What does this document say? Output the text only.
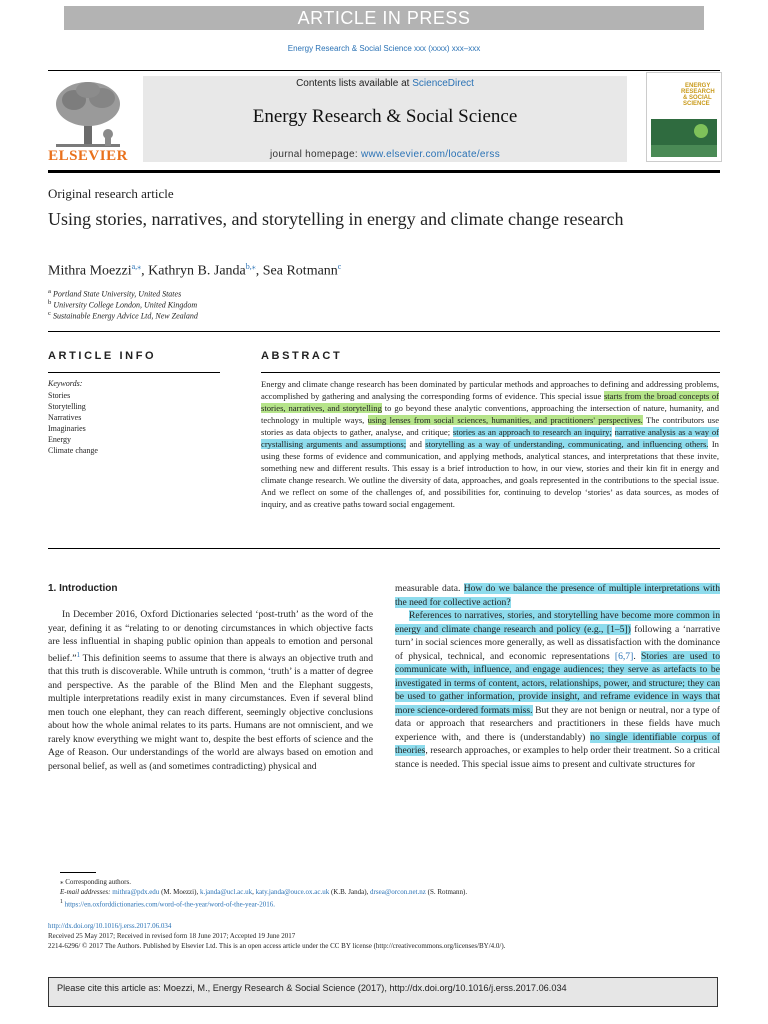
ARTICLE IN PRESS
Energy Research & Social Science xxx (xxxx) xxx–xxx
Contents lists available at ScienceDirect
Energy Research & Social Science
journal homepage: www.elsevier.com/locate/erss
ELSEVIER
ENERGY
RESEARCH
& SOCIAL
SCIENCE
Original research article
Using stories, narratives, and storytelling in energy and climate change research
Mithra Moezzi$^{a,⁎}$, Kathryn B. Janda$^{b,⁎}$, Sea Rotmann$^c$
$^a$ Portland State University, United States
$^b$ University College London, United Kingdom
$^c$ Sustainable Energy Advice Ltd, New Zealand
ARTICLE INFO
Keywords:
Stories
Storytelling
Narratives
Imaginaries
Energy
Climate change
ABSTRACT
Energy and climate change research has been dominated by particular methods and approaches to defining and addressing problems, accomplished by gathering and analysing the corresponding forms of evidence. This special issue starts from the broad concepts of stories, narratives, and storytelling to go beyond these analytic conventions, approaching the intersection of nature, humanity, and technology in multiple ways, using lenses from social sciences, humanities, and practitioners' perspectives. The contributors use stories as data objects to gather, analyse, and critique; stories as an approach to research an inquiry; narrative analysis as a way of crystallising arguments and assumptions; and storytelling as a way of understanding, communicating, and influencing others. In using these forms of evidence and communication, and applying methods, analytical stances, and interpretations that these invite, something new and different results. This essay is a brief introduction to how, in our view, stories and their kin fit in energy and climate change research. We outline the diversity of data, approaches, and goals represented in the contributions to the special issue. And we reflect on some of the challenges of, and possibilities for, continuing to develop ‘stories’ as data sources, as modes of inquiry, and as creative paths toward social engagement.
1. Introduction

In December 2016, Oxford Dictionaries selected ‘post-truth’ as the word of the year, defining it as “relating to or denoting circumstances in which objective facts are less influential in shaping public opinion than appeals to emotion and personal belief.”$^1$ This definition seems to assume that there is always an objective truth and that this truth is discoverable. While untruth is common, ‘truth’ is a matter of degree and perspective. As the parable of the Blind Men and the Elephant suggests, multiple interpretations readily exist in many circumstances. Even if several blind men touch one elephant, they can reach different, seemingly objective conclusions about how the whole animal relates to its parts. Humans are not omniscient, and we rarely know everything we might want to, despite the best efforts of science and the Age of Reason. Our understandings of the world are always based on emotion and personal belief, as well as (and sometimes contradicting) physical and

measurable data. How do we balance the presence of multiple interpretations with the need for collective action?

References to narratives, stories, and storytelling have become more common in energy and climate change research and policy (e.g., [1–5]) following a ‘narrative turn’ in social sciences more generally, as well as dissatisfaction with the dominance of physical, technical, and economic representations [6,7]. Stories are used to communicate with, influence, and engage audiences; they serve as artefacts to be investigated in terms of content, actors, relationships, power, and structure; they can be used to gather information, provide insight, and reframe evidence in ways that more science-ordered formats miss. But they are not benign or neutral, nor a type of data or approach that researchers and practitioners in these fields have much experience with, and there is (understandably) no single identifiable corpus of theories, research approaches, or examples to help order their treatment. So a critical stance is needed. This special issue aims to present and cultivate structures for

⁎ Corresponding authors.
E-mail addresses: mithra@pdx.edu (M. Moezzi), k.janda@ucl.ac.uk, katy.janda@ouce.ox.ac.uk (K.B. Janda), drsea@orcon.net.nz (S. Rotmann).
$^1$ https://en.oxforddictionaries.com/word-of-the-year/word-of-the-year-2016.
http://dx.doi.org/10.1016/j.erss.2017.06.034
Received 25 May 2017; Received in revised form 18 June 2017; Accepted 19 June 2017
2214-6296/ © 2017 The Authors. Published by Elsevier Ltd. This is an open access article under the CC BY license (http://creativecommons.org/licenses/BY/4.0/).
Please cite this article as: Moezzi, M., Energy Research & Social Science (2017), http://dx.doi.org/10.1016/j.erss.2017.06.034
